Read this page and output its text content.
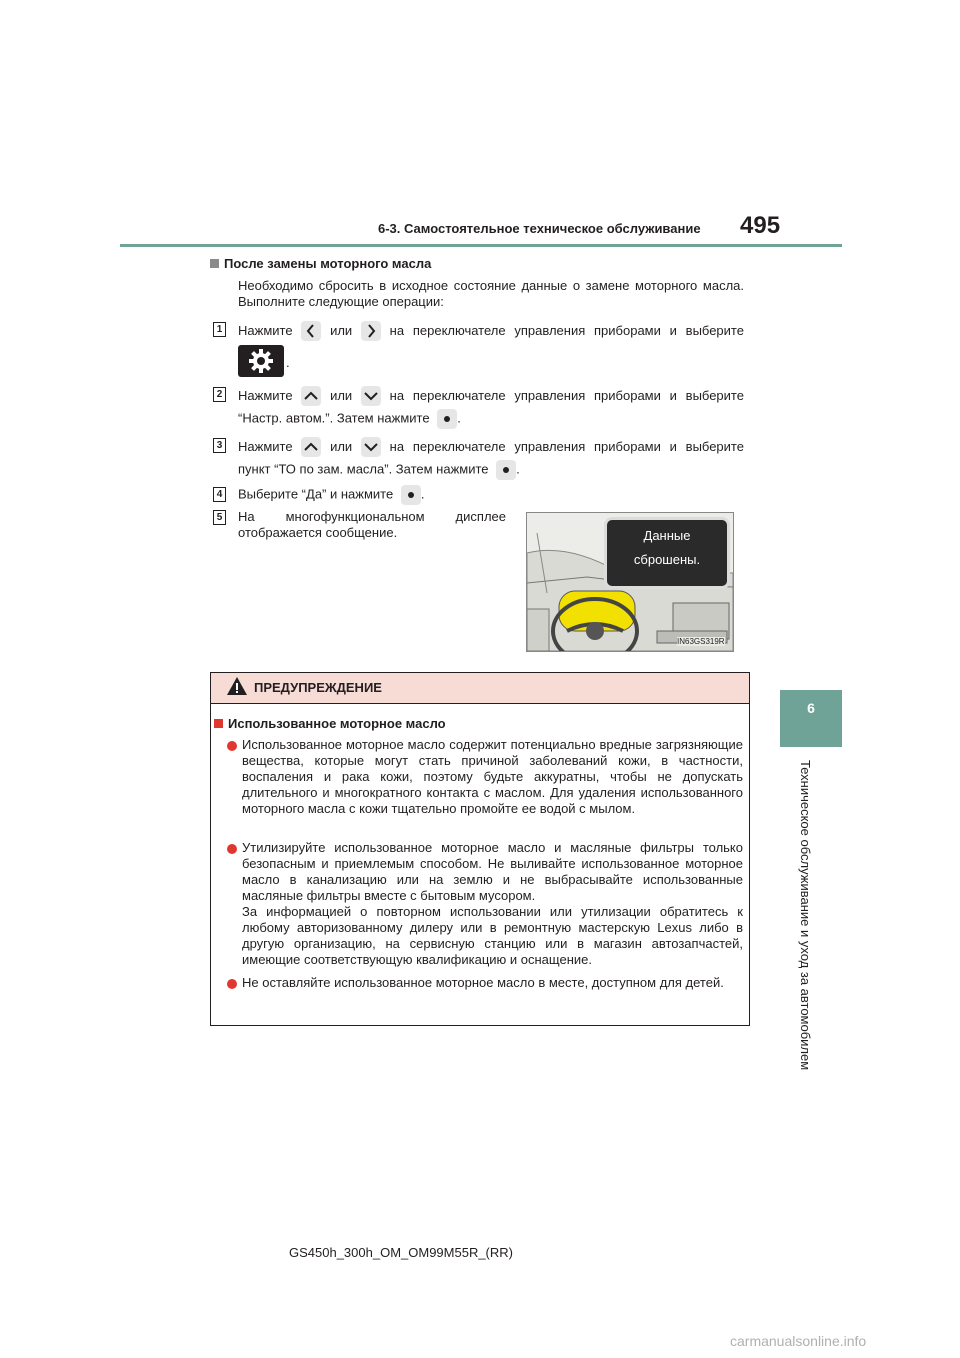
6-3. Самостоятельное техническое обслуживание 495
6
Техническое обслуживание и уход за автомобилем
После замены моторного масла
Необходимо сбросить в исходное состояние данные о замене моторного масла. Выполните следующие операции:
1 Нажмите	или	на переключателе управления приборами и выберите
.
2 Нажмите	или	на переключателе управления приборами и выберите
“Настр. автом.”. Затем нажмите .
3 Нажмите	или	на переключателе управления приборами и выберите
пункт “ТО по зам. масла”. Затем нажмите .
4 Выберите “Да” и нажмите .
5 На многофункциональном дисплее
отображается сообщение.
IN63GS319R
Данные
сброшены.
ПРЕДУПРЕЖДЕНИЕ
Использованное моторное масло
Использованное моторное масло содержит потенциально вредные загрязняющие вещества, которые могут стать причиной заболеваний кожи, в частности, воспаления и рака кожи, поэтому будьте аккуратны, чтобы не допускать длительного и многократного контакта с маслом. Для удаления использованного моторного масла с кожи тщательно промойте ее водой с мылом.
Утилизируйте использованное моторное масло и масляные фильтры только безопасным и приемлемым способом. Не выливайте использованное моторное масло в канализацию или на землю и не выбрасывайте использованные масляные фильтры вместе с бытовым мусором.
За информацией о повторном использовании или утилизации обратитесь к любому авторизованному дилеру или в ремонтную мастерскую Lexus либо в другую организацию, на сервисную станцию или в магазин автозапчастей, имеющие соответствующую квалификацию и оснащение.
Не оставляйте использованное моторное масло в месте, доступном для детей.
GS450h_300h_OM_OM99M55R_(RR)
carmanualsonline.info
